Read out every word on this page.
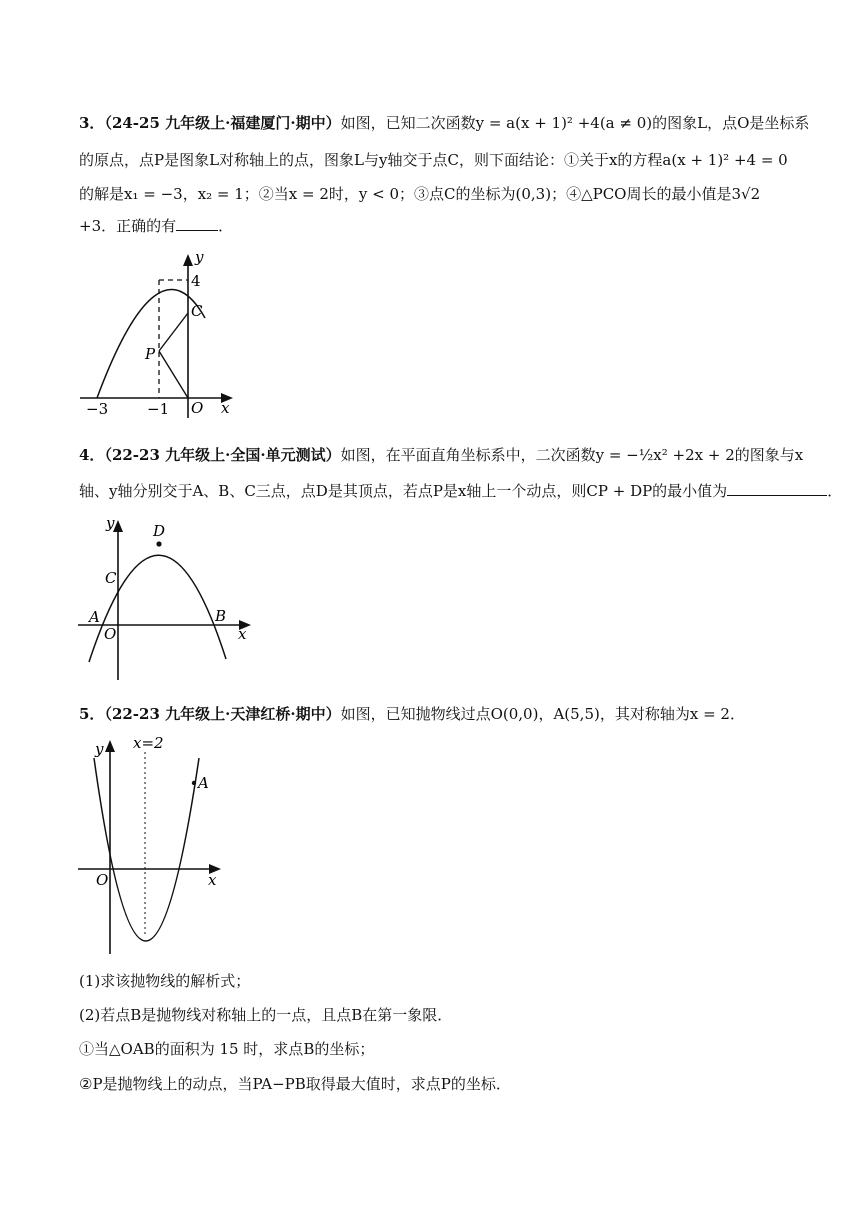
3．（24-25 九年级上·福建厦门·期中）如图，已知二次函数y = a(x + 1)² +4(a ≠ 0)的图象L，点O是坐标系
的原点，点P是图象L对称轴上的点，图象L与y轴交于点C，则下面结论：①关于x的方程a(x + 1)² +4 = 0
的解是x₁ = −3，x₂ = 1；②当x = 2时，y < 0；③点C的坐标为(0,3)；④△PCO周长的最小值是3√2
+3．正确的有	．
y
4
C
P
−3	−1 O x
4．（22-23 九年级上·全国·单元测试）如图，在平面直角坐标系中，二次函数y = −½x² +2x + 2的图象与x
轴、y轴分别交于A、B、C三点，点D是其顶点，若点P是x轴上一个动点，则CP + DP的最小值为	．
y	D
C
A	B
O	x
5．（22-23 九年级上·天津红桥·期中）如图，已知抛物线过点O(0,0)，A(5,5)，其对称轴为x = 2．
y x=2
A
O	x
(1)求该抛物线的解析式；
(2)若点B是抛物线对称轴上的一点，且点B在第一象限．
①当△OAB的面积为 15 时，求点B的坐标；
②P是抛物线上的动点，当PA−PB取得最大值时，求点P的坐标．
